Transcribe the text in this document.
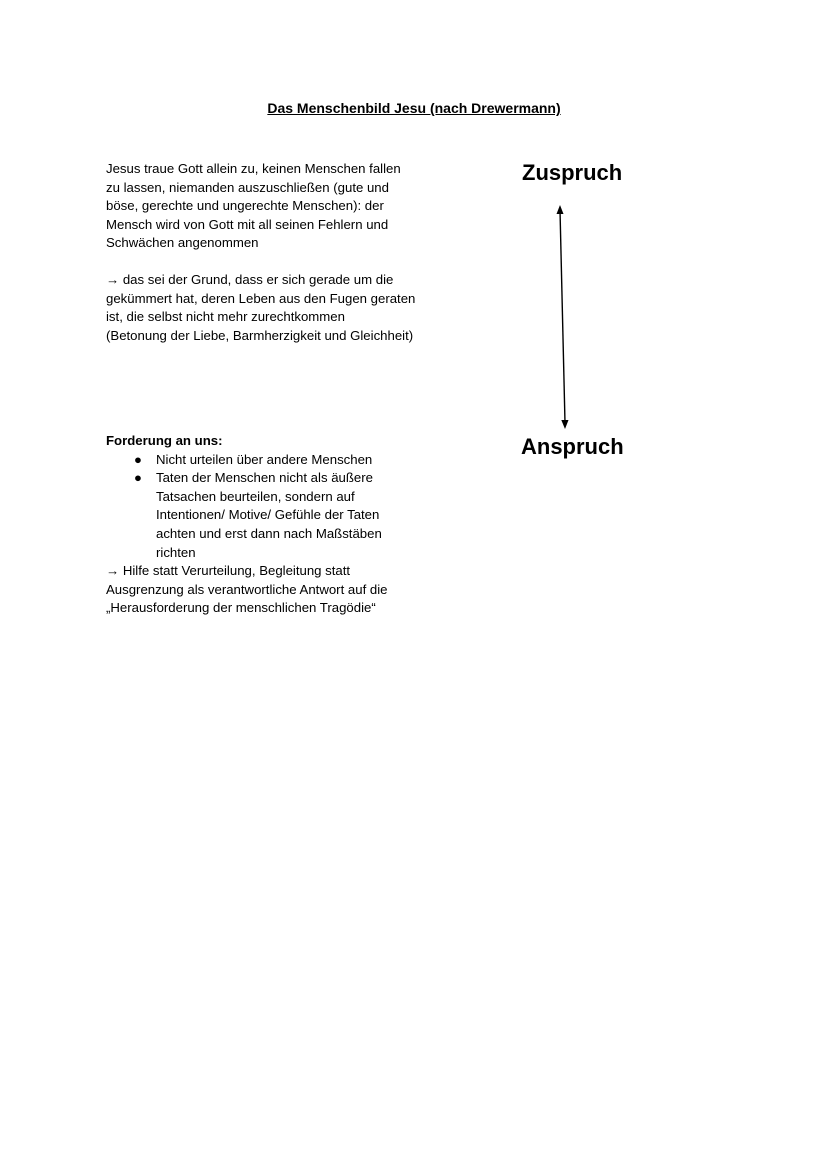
Das Menschenbild Jesu (nach Drewermann)

Jesus traue Gott allein zu, keinen Menschen fallen zu lassen, niemanden auszuschließen (gute und böse, gerechte und ungerechte Menschen): der Mensch wird von Gott mit all seinen Fehlern und Schwächen angenommen

→ das sei der Grund, dass er sich gerade um die gekümmert hat, deren Leben aus den Fugen geraten ist, die selbst nicht mehr zurechtkommen

(Betonung der Liebe, Barmherzigkeit und Gleichheit)

Forderung an uns:

● Nicht urteilen über andere Menschen
● Taten der Menschen nicht als äußere Tatsachen beurteilen, sondern auf Intentionen/ Motive/ Gefühle der Taten achten und erst dann nach Maßstäben richten

→ Hilfe statt Verurteilung, Begleitung statt Ausgrenzung als verantwortliche Antwort auf die „Herausforderung der menschlichen Tragödie“

Zuspruch
Anspruch
